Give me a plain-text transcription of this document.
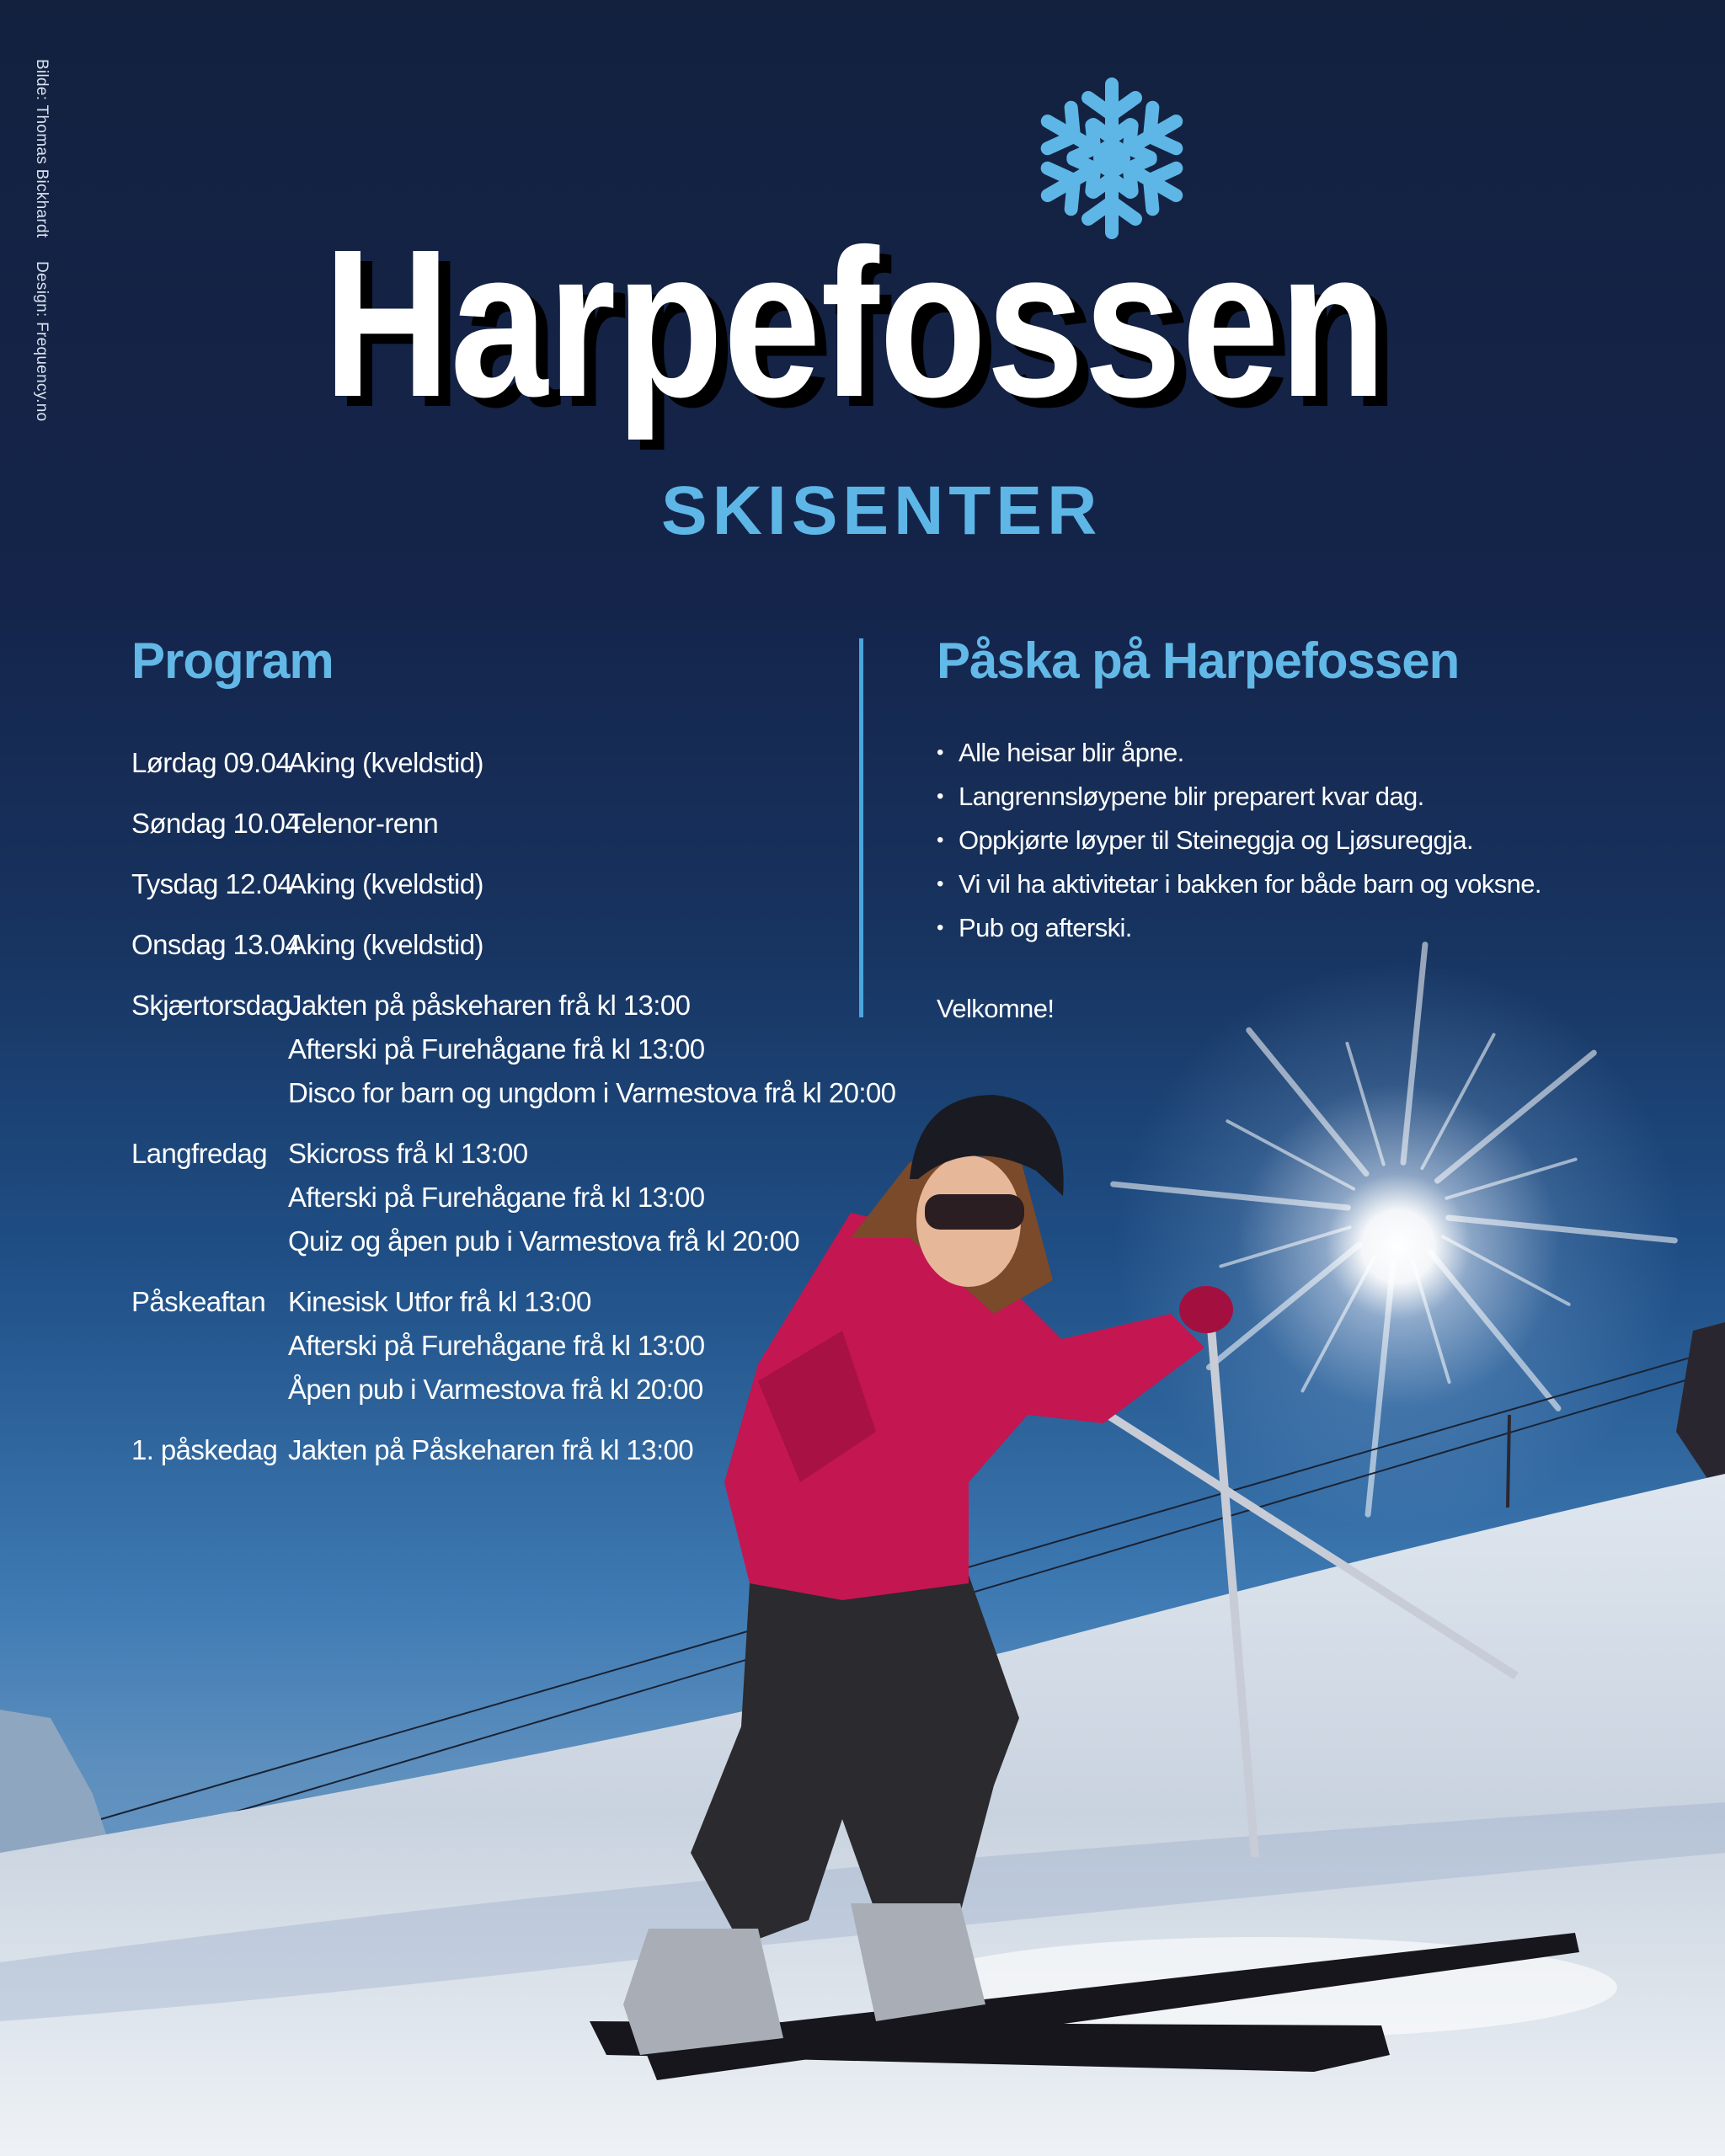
Bilde: Thomas Bickhardt Design: Frequency.no Harpefossen
Harpefossen
SKISENTER
Program
Lørdag 09.04
Aking (kveldstid)
Søndag 10.04
Telenor-renn
Tysdag 12.04
Aking (kveldstid)
Onsdag 13.04
Aking (kveldstid)
Skjærtorsdag
Jakten på påskeharen frå kl 13:00
Afterski på Furehågane frå kl 13:00
Disco for barn og ungdom i Varmestova frå kl 20:00
Langfredag Skicross frå kl 13:00
Afterski på Furehågane frå kl 13:00
Quiz og åpen pub i Varmestova frå kl 20:00
Påskeaftan Kinesisk Utfor frå kl 13:00
Afterski på Furehågane frå kl 13:00
Åpen pub i Varmestova frå kl 20:00
1. påskedag Jakten på Påskeharen frå kl 13:00
Påska på Harpefossen
• Alle heisar blir åpne.
• Langrennsløypene blir preparert kvar dag.
• Oppkjørte løyper til Steineggja og Ljøsureggja.
• Vi vil ha aktivitetar i bakken for både barn og voksne.
• Pub og afterski.
Velkomne!
